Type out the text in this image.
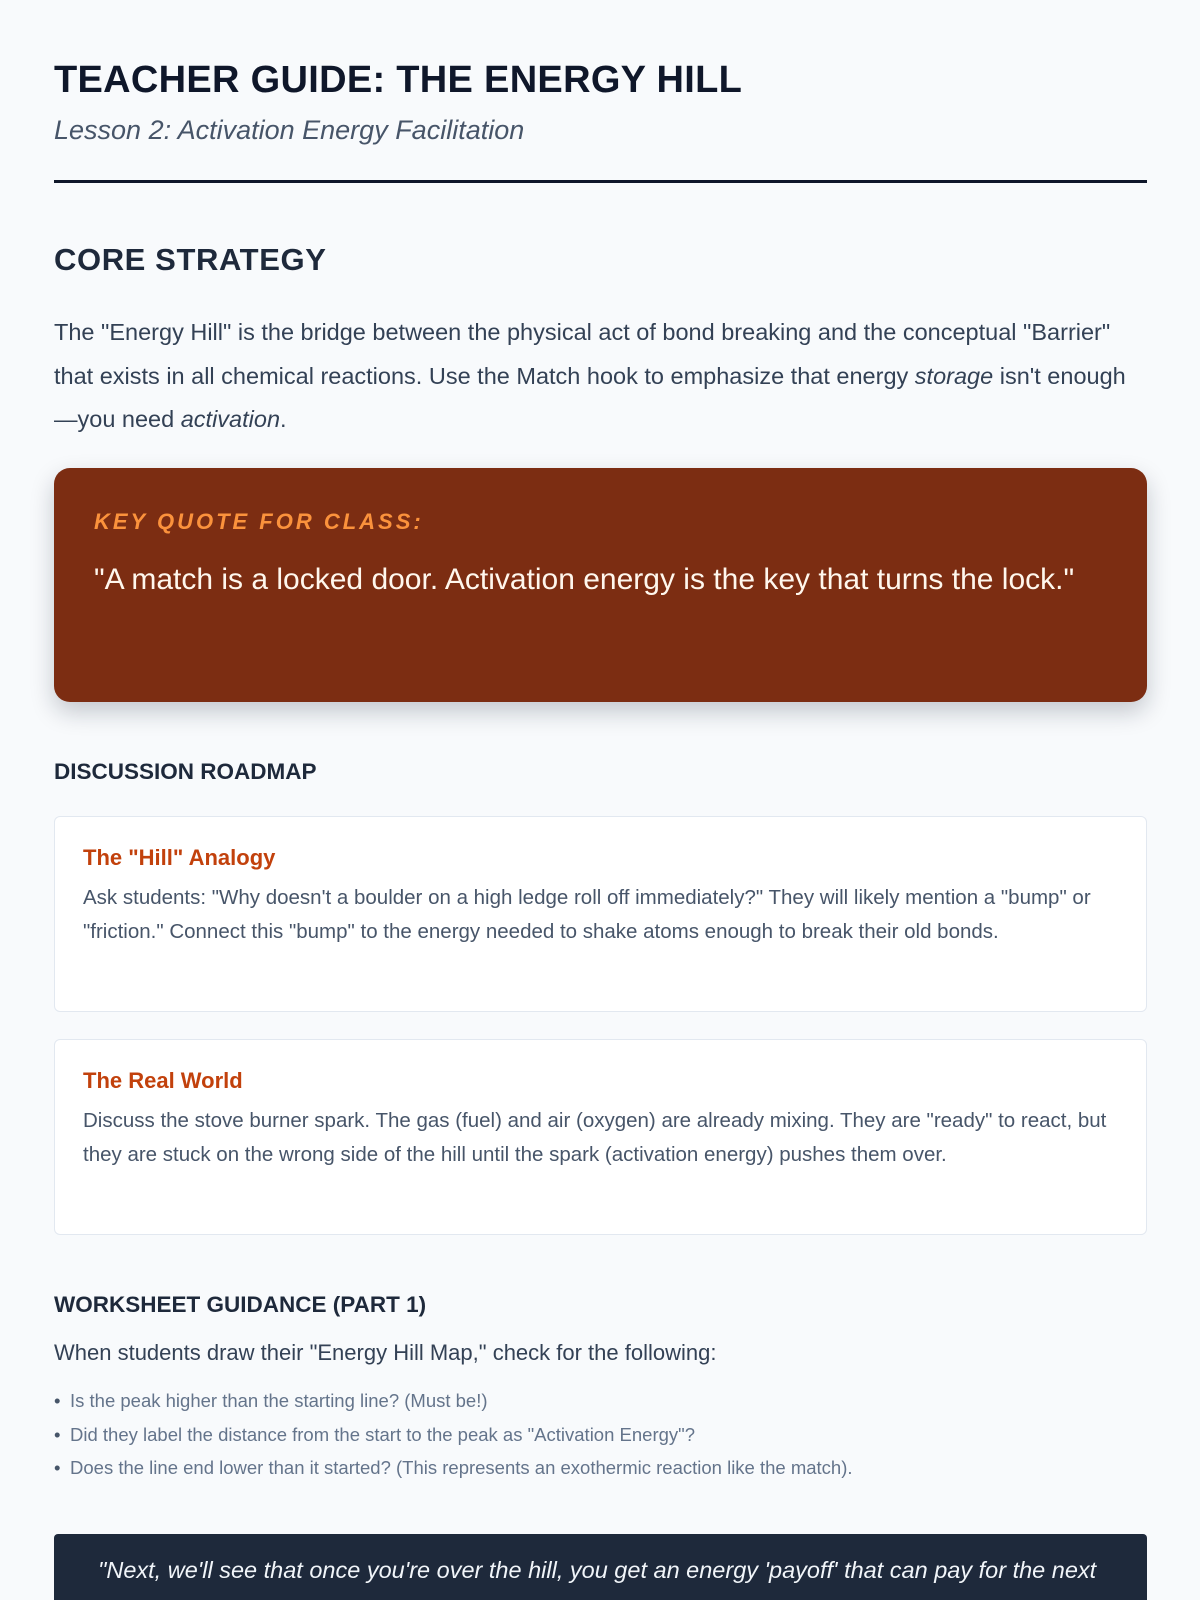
TEACHER GUIDE: THE ENERGY HILL

Lesson 2: Activation Energy Facilitation

CORE STRATEGY

The "Energy Hill" is the bridge between the physical act of bond breaking and the conceptual "Barrier" that exists in all chemical reactions. Use the Match hook to emphasize that energy storage isn't enough—you need activation.

KEY QUOTE FOR CLASS:

"A match is a locked door. Activation energy is the key that turns the lock."

DISCUSSION ROADMAP
The "Hill" Analogy

Ask students: "Why doesn't a boulder on a high ledge roll off immediately?" They will likely mention a "bump" or "friction." Connect this "bump" to the energy needed to shake atoms enough to break their old bonds.

The Real World

Discuss the stove burner spark. The gas (fuel) and air (oxygen) are already mixing. They are "ready" to react, but they are stuck on the wrong side of the hill until the spark (activation energy) pushes them over.

WORKSHEET GUIDANCE (PART 1)

When students draw their "Energy Hill Map," check for the following:

• Is the peak higher than the starting line? (Must be!)
• Did they label the distance from the start to the peak as "Activation Energy"?
• Does the line end lower than it started? (This represents an exothermic reaction like the match).

"Next, we'll see that once you're over the hill, you get an energy 'payoff' that can pay for the next
